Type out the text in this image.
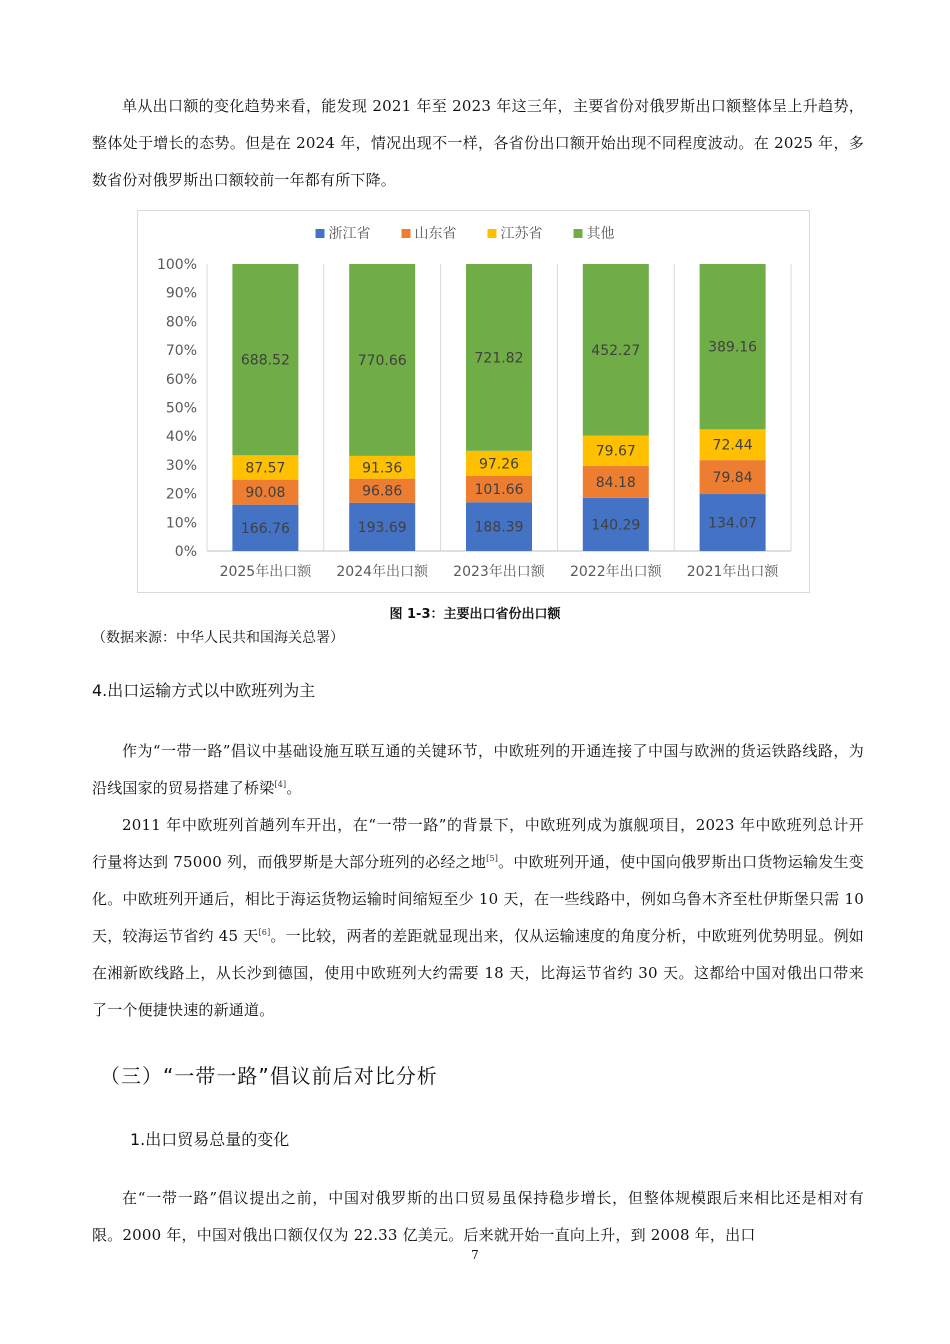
单从出口额的变化趋势来看，能发现 2021 年至 2023 年这三年，主要省份对俄罗斯出口额整体呈上升趋势，整体处于增长的态势。但是在 2024 年，情况出现不一样，各省份出口额开始出现不同程度波动。在 2025 年，多数省份对俄罗斯出口额较前一年都有所下降。
0%
10%
20%
30%
40%
50%
60%
70%
80%
90%
100%
166.76
90.08
87.57
688.52
2025年出口额
193.69
96.86
91.36
770.66
2024年出口额
188.39
101.66
97.26
721.82
2023年出口额
140.29
84.18
79.67
452.27
2022年出口额
134.07
79.84
72.44
389.16
2021年出口额
浙江省	山东省	江苏省	其他
图 1-3：主要出口省份出口额
（数据来源：中华人民共和国海关总署）
4.出口运输方式以中欧班列为主
作为“一带一路”倡议中基础设施互联互通的关键环节，中欧班列的开通连接了中国与欧洲的货运铁路线路，为沿线国家的贸易搭建了桥梁[4]。
2011 年中欧班列首趟列车开出，在“一带一路”的背景下，中欧班列成为旗舰项目，2023 年中欧班列总计开行量将达到 75000 列，而俄罗斯是大部分班列的必经之地[5]。中欧班列开通，使中国向俄罗斯出口货物运输发生变化。中欧班列开通后，相比于海运货物运输时间缩短至少 10 天，在一些线路中，例如乌鲁木齐至杜伊斯堡只需 10 天，较海运节省约 45 天[6]。一比较，两者的差距就显现出来，仅从运输速度的角度分析，中欧班列优势明显。例如在湘新欧线路上，从长沙到德国，使用中欧班列大约需要 18 天，比海运节省约 30 天。这都给中国对俄出口带来了一个便捷快速的新通道。
（三）“一带一路”倡议前后对比分析
1.出口贸易总量的变化
在“一带一路”倡议提出之前，中国对俄罗斯的出口贸易虽保持稳步增长，但整体规模跟后来相比还是相对有限。2000 年，中国对俄出口额仅仅为 22.33 亿美元。后来就开始一直向上升，到 2008 年，出口
7
